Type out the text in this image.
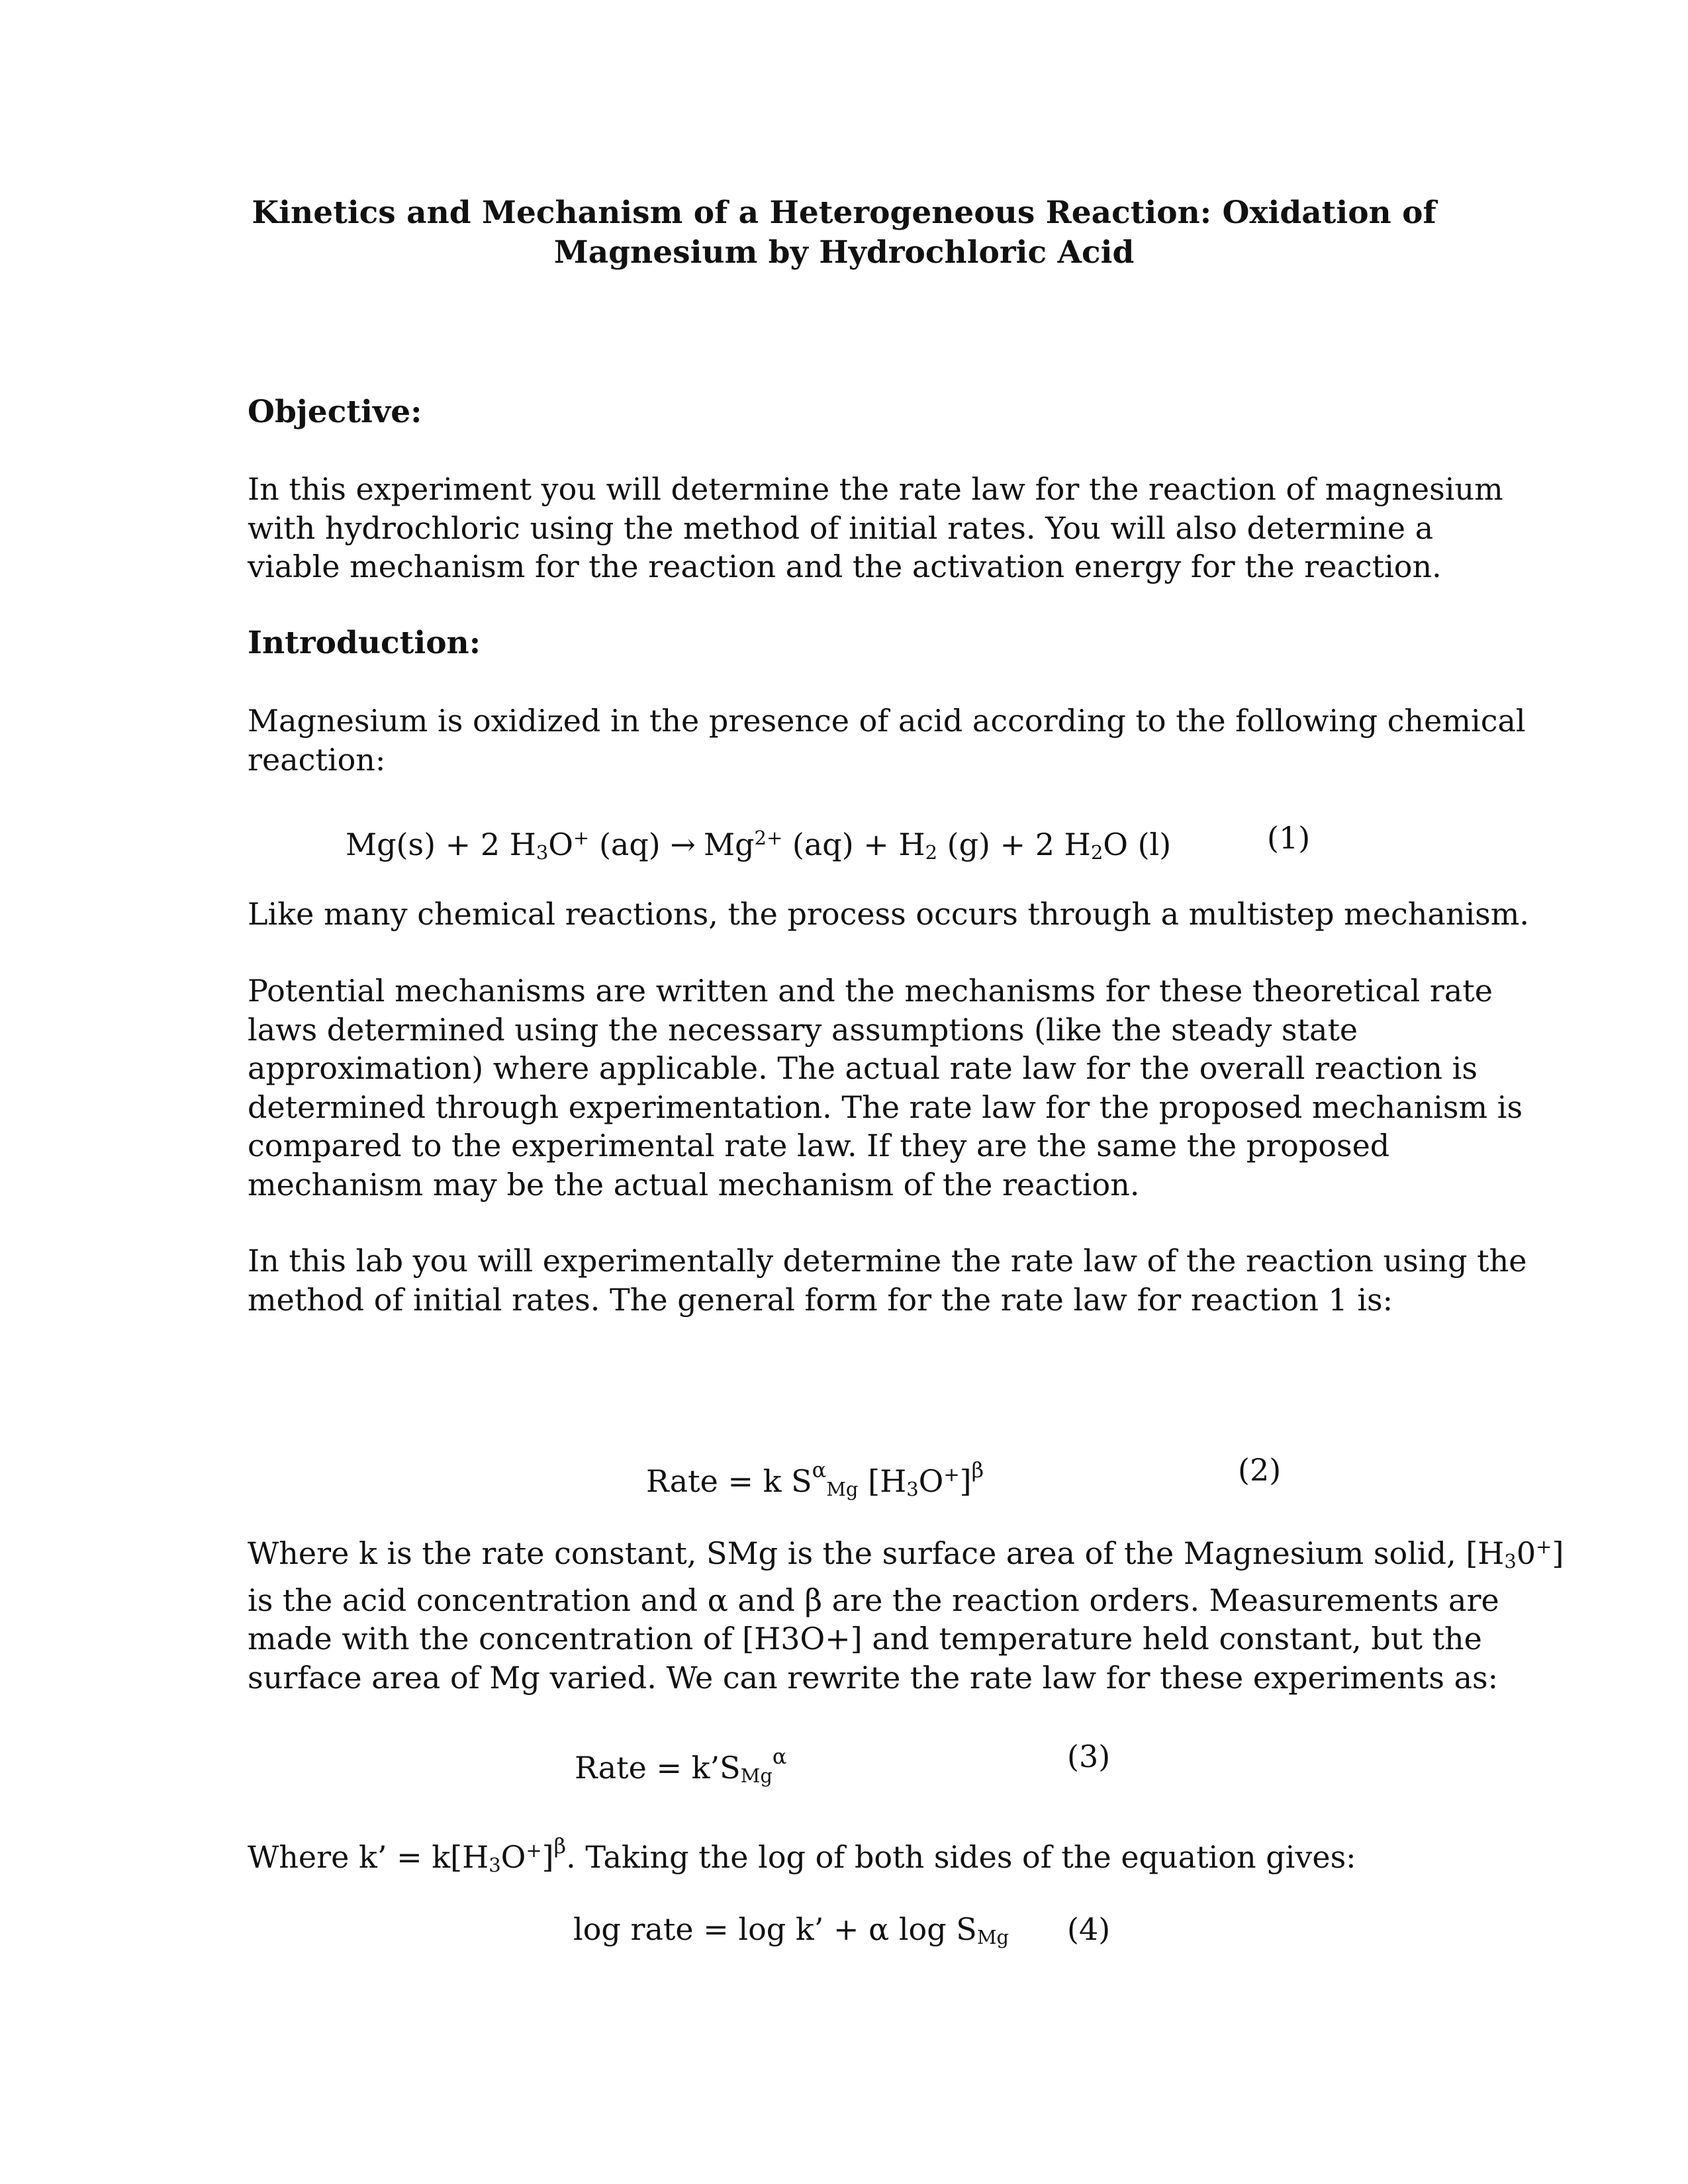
Kinetics and Mechanism of a Heterogeneous Reaction: Oxidation of
Magnesium by Hydrochloric Acid
Objective:
In this experiment you will determine the rate law for the reaction of magnesium
with hydrochloric using the method of initial rates. You will also determine a
viable mechanism for the reaction and the activation energy for the reaction.
Introduction:
Magnesium is oxidized in the presence of acid according to the following chemical
reaction:
Mg(s) + 2 $H_3O^+$ $(aq) \to Mg^{2+}$ $(aq) + H_2$ (g) + 2 $H_2O$ (l)	(1)
Like many chemical reactions, the process occurs through a multistep mechanism.
Potential mechanisms are written and the mechanisms for these theoretical rate
laws determined using the necessary assumptions (like the steady state
approximation) where applicable. The actual rate law for the overall reaction is
determined through experimentation. The rate law for the proposed mechanism is
compared to the experimental rate law. If they are the same the proposed
mechanism may be the actual mechanism of the reaction.
In this lab you will experimentally determine the rate law of the reaction using the
method of initial rates. The general form for the rate law for reaction 1 is:
Rate = k $S^\alpha_{Mg}$ $[H_3O^+]^\beta$	(2)
Where k is the rate constant, SMg is the surface area of the Magnesium solid, $[H_30^+]$
is the acid concentration and α and β are the reaction orders. Measurements are
made with the concentration of [H3O+] and temperature held constant, but the
surface area of Mg varied. We can rewrite the rate law for these experiments as:
Rate = $k’S_{Mg}^\alpha$	(3)
Where k’ = $k[H_3O^+]^\beta$. Taking the log of both sides of the equation gives:
log rate = log k’ + α $\log S_{Mg}$ (4)
